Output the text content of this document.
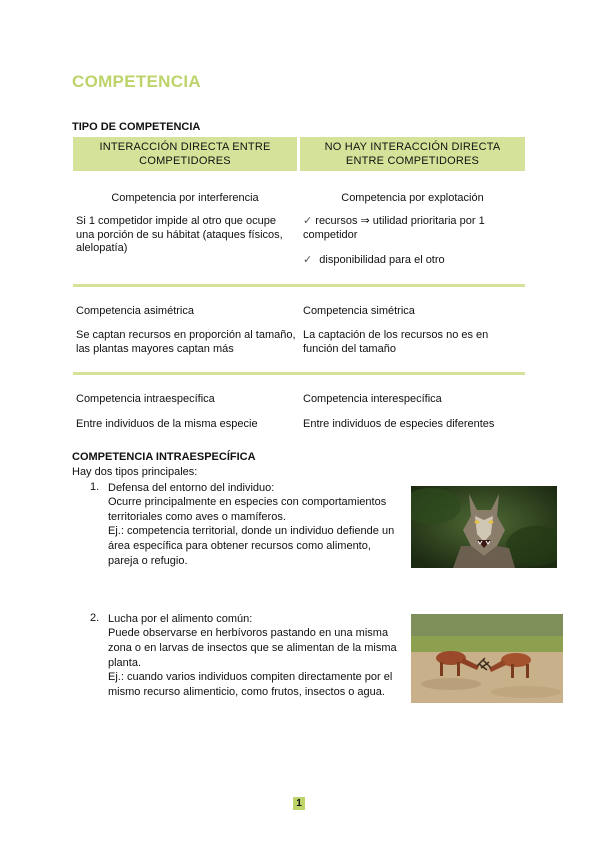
COMPETENCIA
TIPO DE COMPETENCIA
INTERACCIÓN DIRECTA ENTRE COMPETIDORES
NO HAY INTERACCIÓN DIRECTA ENTRE COMPETIDORES
Competencia por interferencia
Si 1 competidor impide al otro que ocupe una porción de su hábitat (ataques físicos, alelopatía)
Competencia por explotación
✓ recursos ⇒ utilidad prioritaria por 1 competidor
✓ disponibilidad para el otro
Competencia asimétrica
Se captan recursos en proporción al tamaño, las plantas mayores captan más
Competencia simétrica
La captación de los recursos no es en función del tamaño
Competencia intraespecífica
Entre individuos de la misma especie
Competencia interespecífica
Entre individuos de especies diferentes
COMPETENCIA INTRAESPECÍFICA
Hay dos tipos principales:
1. Defensa del entorno del individuo:
Ocurre principalmente en especies con comportamientos territoriales como aves o mamíferos.
Ej.: competencia territorial, donde un individuo defiende un área específica para obtener recursos como alimento, pareja o refugio.
2. Lucha por el alimento común:
Puede observarse en herbívoros pastando en una misma zona o en larvas de insectos que se alimentan de la misma planta.
Ej.: cuando varios individuos compiten directamente por el mismo recurso alimenticio, como frutos, insectos o agua.
1
